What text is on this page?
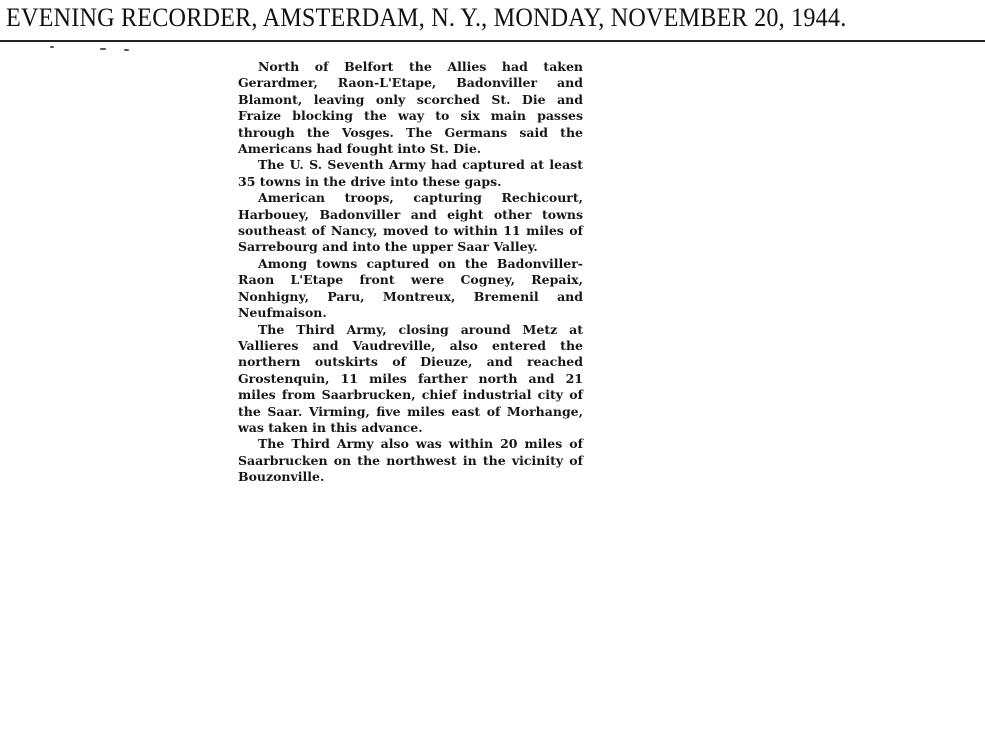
EVENING RECORDER, AMSTERDAM, N. Y., MONDAY, NOVEMBER 20, 1944.

North of Belfort the Allies had taken Gerardmer, Raon-L'Etape, Badonviller and Blamont, leaving only scorched St. Die and Fraize blocking the way to six main passes through the Vosges. The Germans said the Americans had fought into St. Die.

The U. S. Seventh Army had captured at least 35 towns in the drive into these gaps.

American troops, capturing Rechicourt, Harbouey, Badonviller and eight other towns southeast of Nancy, moved to within 11 miles of Sarrebourg and into the upper Saar Valley.

Among towns captured on the Badonviller-Raon L'Etape front were Cogney, Repaix, Nonhigny, Paru, Montreux, Bremenil and Neufmaison.

The Third Army, closing around Metz at Vallieres and Vaudreville, also entered the northern outskirts of Dieuze, and reached Grostenquin, 11 miles farther north and 21 miles from Saarbrucken, chief industrial city of the Saar. Virming, five miles east of Morhange, was taken in this advance.

The Third Army also was within 20 miles of Saarbrucken on the northwest in the vicinity of Bouzonville.
